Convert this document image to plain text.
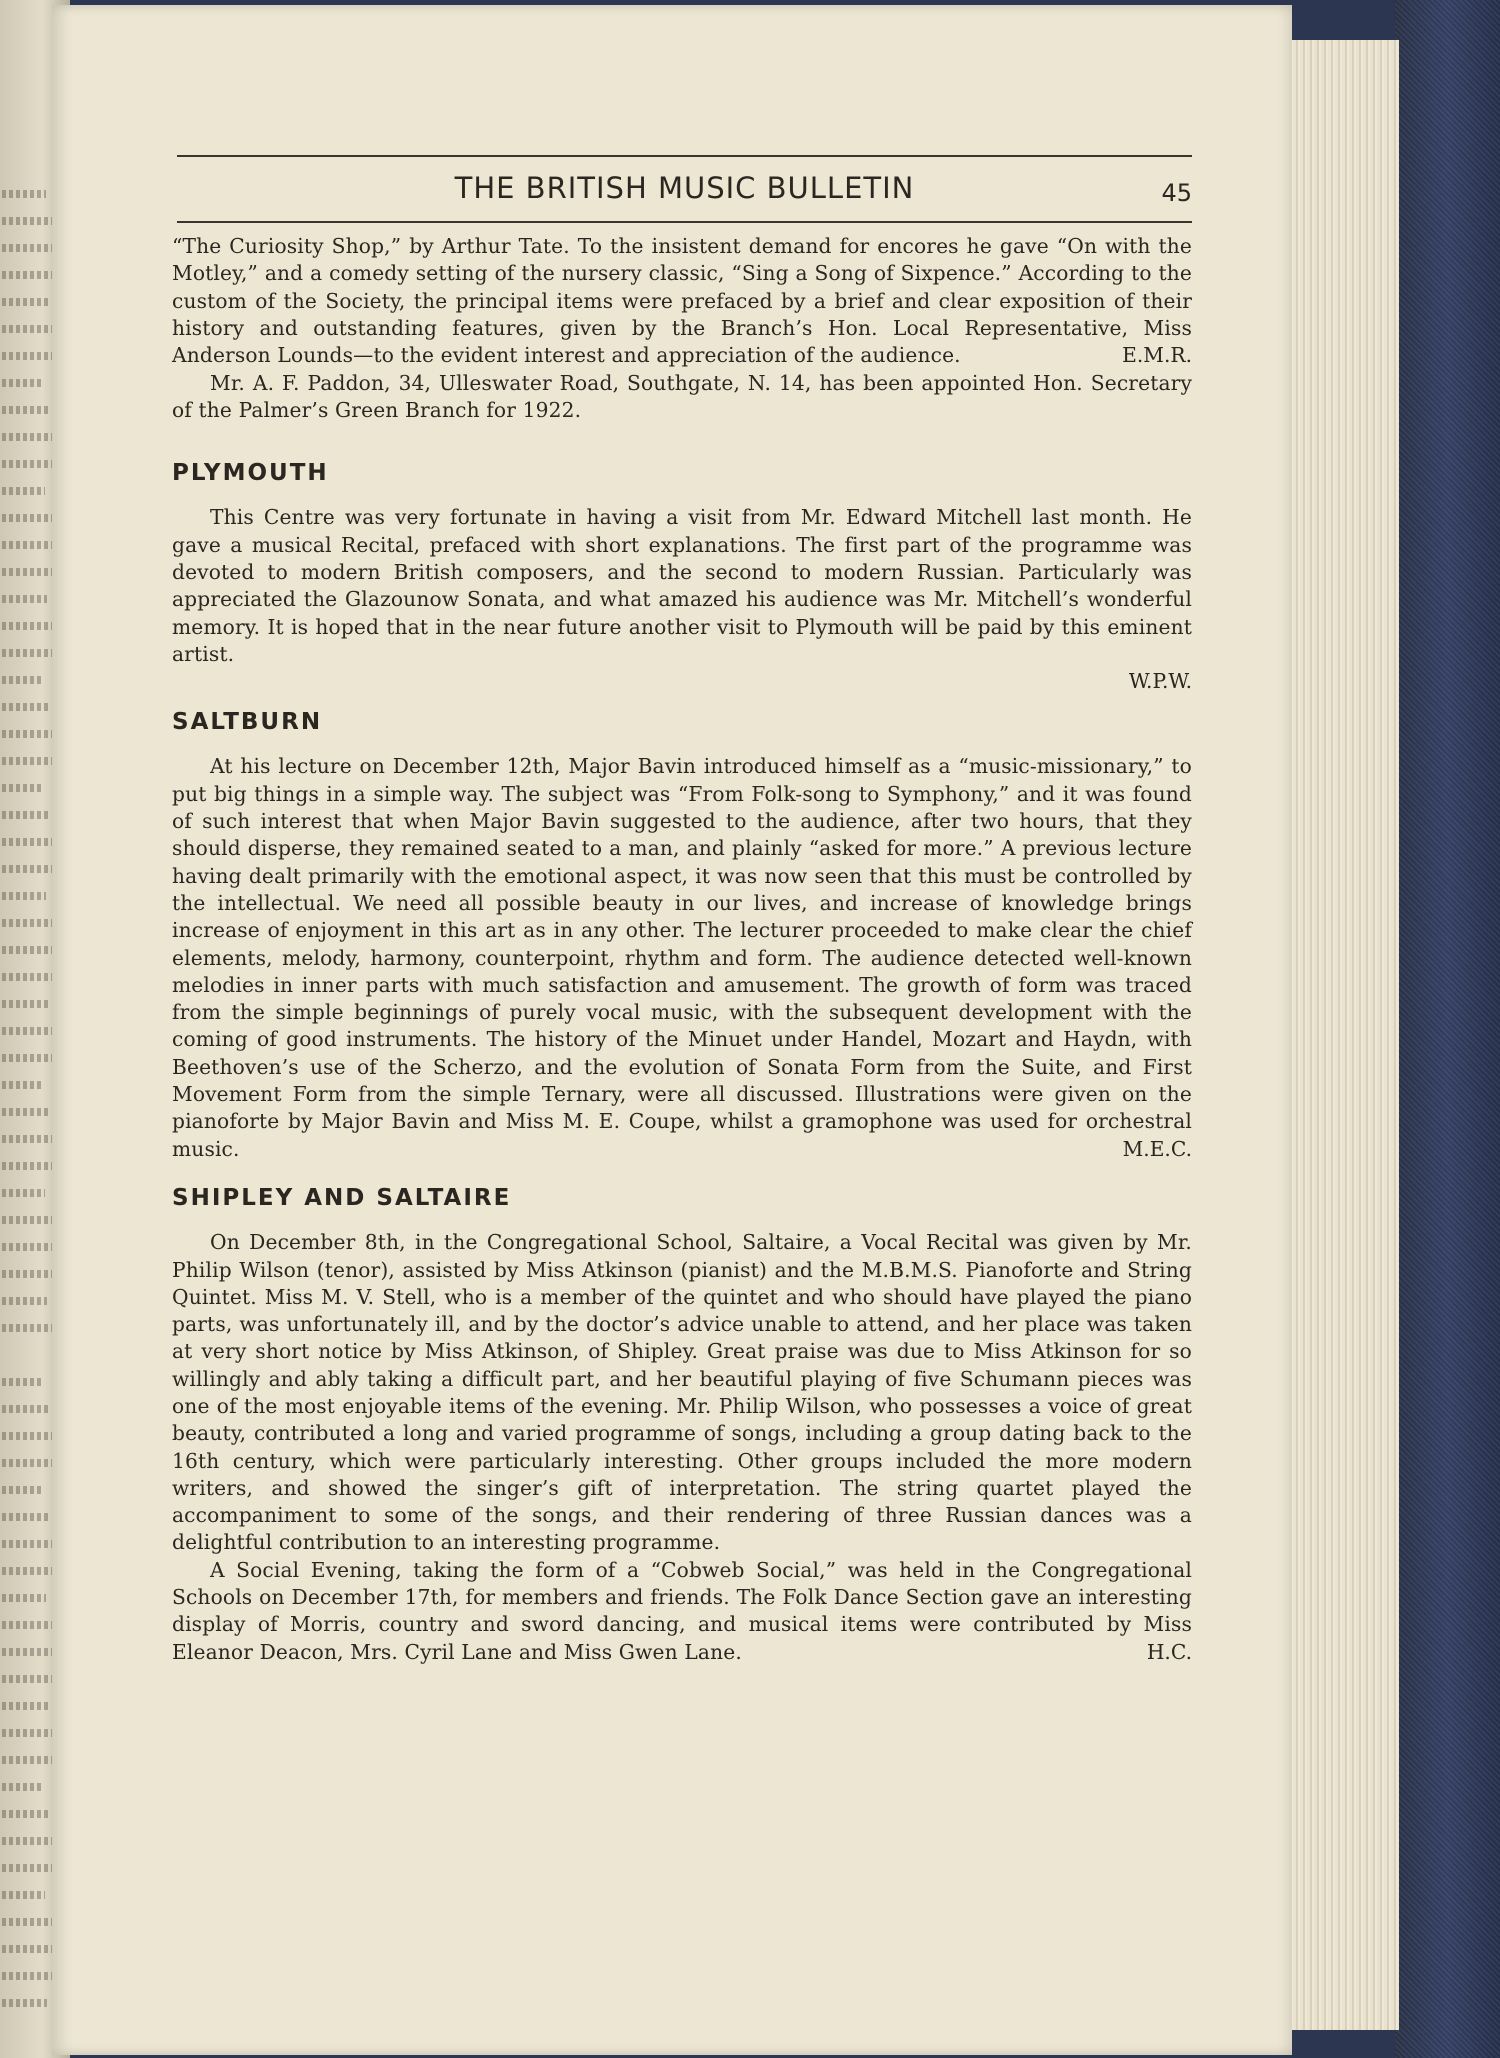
THE BRITISH MUSIC BULLETIN	45

“The Curiosity Shop,” by Arthur Tate. To the insistent demand for encores he gave “On with the Motley,” and a comedy setting of the nursery classic, “Sing a Song of Sixpence.” According to the custom of the Society, the principal items were prefaced by a brief and clear exposition of their history and outstanding features, given by the Branch’s Hon. Local Representative, Miss Anderson Lounds—to the evident interest and appreciation of the audience.	E.M.R.

Mr. A. F. Paddon, 34, Ulleswater Road, Southgate, N. 14, has been appointed Hon. Secretary of the Palmer’s Green Branch for 1922.

PLYMOUTH

This Centre was very fortunate in having a visit from Mr. Edward Mitchell last month. He gave a musical Recital, prefaced with short explanations. The first part of the programme was devoted to modern British composers, and the second to modern Russian. Particularly was appreciated the Glazounow Sonata, and what amazed his audience was Mr. Mitchell’s wonderful memory. It is hoped that in the near future another visit to Plymouth will be paid by this eminent artist.

W.P.W.

SALTBURN

At his lecture on December 12th, Major Bavin introduced himself as a “music-missionary,” to put big things in a simple way. The subject was “From Folk-song to Symphony,” and it was found of such interest that when Major Bavin suggested to the audience, after two hours, that they should disperse, they remained seated to a man, and plainly “asked for more.” A previous lecture having dealt primarily with the emotional aspect, it was now seen that this must be controlled by the intellectual. We need all possible beauty in our lives, and increase of knowledge brings increase of enjoyment in this art as in any other. The lecturer proceeded to make clear the chief elements, melody, harmony, counterpoint, rhythm and form. The audience detected well-known melodies in inner parts with much satisfaction and amusement. The growth of form was traced from the simple beginnings of purely vocal music, with the subsequent development with the coming of good instruments. The history of the Minuet under Handel, Mozart and Haydn, with Beethoven’s use of the Scherzo, and the evolution of Sonata Form from the Suite, and First Movement Form from the simple Ternary, were all discussed. Illustrations were given on the pianoforte by Major Bavin and Miss M. E. Coupe, whilst a gramophone was used for orchestral music.	M.E.C.

SHIPLEY AND SALTAIRE

On December 8th, in the Congregational School, Saltaire, a Vocal Recital was given by Mr. Philip Wilson (tenor), assisted by Miss Atkinson (pianist) and the M.B.M.S. Pianoforte and String Quintet. Miss M. V. Stell, who is a member of the quintet and who should have played the piano parts, was unfortunately ill, and by the doctor’s advice unable to attend, and her place was taken at very short notice by Miss Atkinson, of Shipley. Great praise was due to Miss Atkinson for so willingly and ably taking a difficult part, and her beautiful playing of five Schumann pieces was one of the most enjoyable items of the evening. Mr. Philip Wilson, who possesses a voice of great beauty, contributed a long and varied programme of songs, including a group dating back to the 16th century, which were particularly interesting. Other groups included the more modern writers, and showed the singer’s gift of interpretation. The string quartet played the accompaniment to some of the songs, and their rendering of three Russian dances was a delightful contribution to an interesting programme.

A Social Evening, taking the form of a “Cobweb Social,” was held in the Congregational Schools on December 17th, for members and friends. The Folk Dance Section gave an interesting display of Morris, country and sword dancing, and musical items were contributed by Miss Eleanor Deacon, Mrs. Cyril Lane and Miss Gwen Lane.	H.C.
